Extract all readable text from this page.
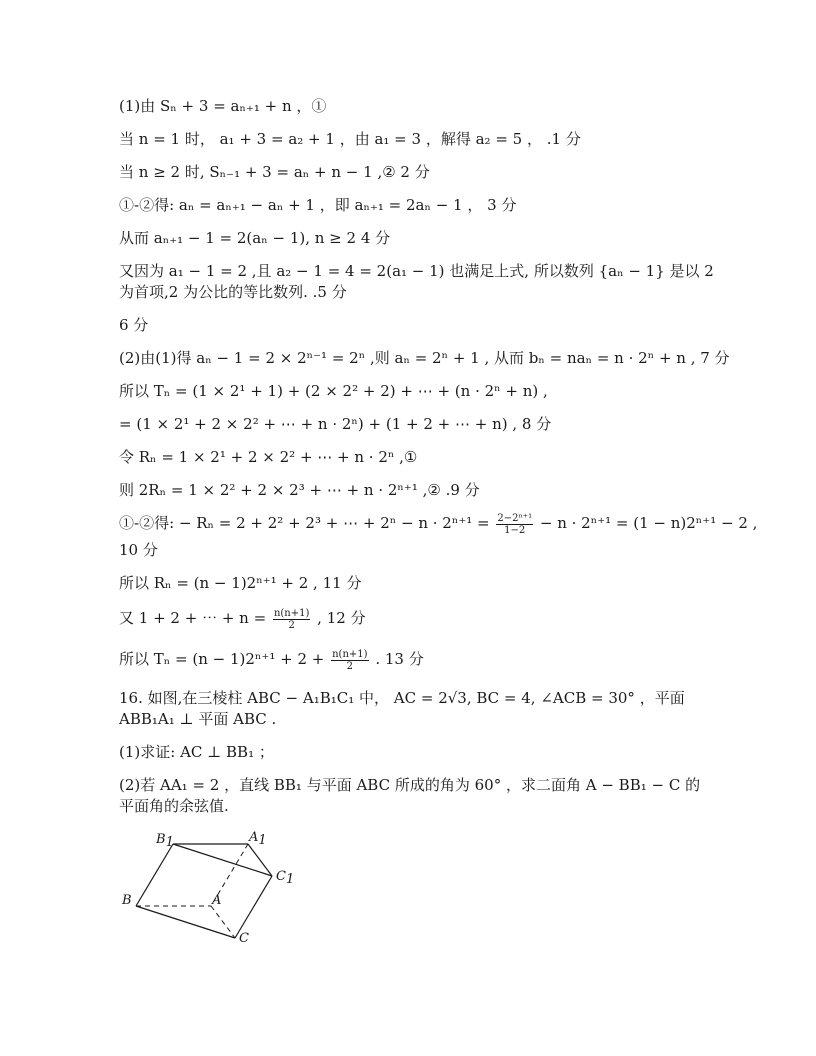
(1)由 Sₙ + 3 = aₙ₊₁ + n ，①
当 n = 1 时， a₁ + 3 = a₂ + 1 ，由 a₁ = 3 ，解得 a₂ = 5 ， .1 分
当 n ≥ 2 时, Sₙ₋₁ + 3 = aₙ + n − 1 ,② 2 分
①-②得: aₙ = aₙ₊₁ − aₙ + 1 ，即 aₙ₊₁ = 2aₙ − 1 ， 3 分
从而 aₙ₊₁ − 1 = 2(aₙ − 1), n ≥ 2 4 分
又因为 a₁ − 1 = 2 ,且 a₂ − 1 = 4 = 2(a₁ − 1) 也满足上式, 所以数列 {aₙ − 1} 是以 2
为首项,2 为公比的等比数列. .5 分
6 分
(2)由(1)得 aₙ − 1 = 2 × 2ⁿ⁻¹ = 2ⁿ ,则 aₙ = 2ⁿ + 1 , 从而 bₙ = naₙ = n · 2ⁿ + n , 7 分
所以 Tₙ = (1 × 2¹ + 1) + (2 × 2² + 2) + ⋯ + (n · 2ⁿ + n) ,
= (1 × 2¹ + 2 × 2² + ⋯ + n · 2ⁿ) + (1 + 2 + ⋯ + n) , 8 分
令 Rₙ = 1 × 2¹ + 2 × 2² + ⋯ + n · 2ⁿ ,①
则 2Rₙ = 1 × 2² + 2 × 2³ + ⋯ + n · 2ⁿ⁺¹ ,② .9 分
①-②得: − Rₙ = 2 + 2² + 2³ + ⋯ + $2^n - n \cdot 2^{n+1} = \frac{\text{2−2ⁿ⁺¹}}{1-2} - n \cdot 2^{n+1} = (1 - n)2^{n+1} - 2$ ,
10 分
所以 Rₙ = (n − 1)2ⁿ⁺¹ + 2 , 11 分
又 1 + 2 + ⋯ + $n = \frac{n(n+1)}{2}$ , 12 分
所以 $T_n = (n - 1)2^{n+1} + 2 + \frac{n(n+1)}{2}$ . 13 分
16. 如图,在三棱柱 ABC − A₁B₁C₁ 中， AC = 2√3, BC = 4, ∠ACB = 30° ，平面
ABB₁A₁ ⊥ 平面 ABC .
(1)求证: AC ⊥ BB₁ ；
(2)若 AA₁ = 2 ，直线 BB₁ 与平面 ABC 所成的角为 60° ，求二面角 A − BB₁ − C 的
平面角的余弦值.
B1	A1
C1
B	A
C
